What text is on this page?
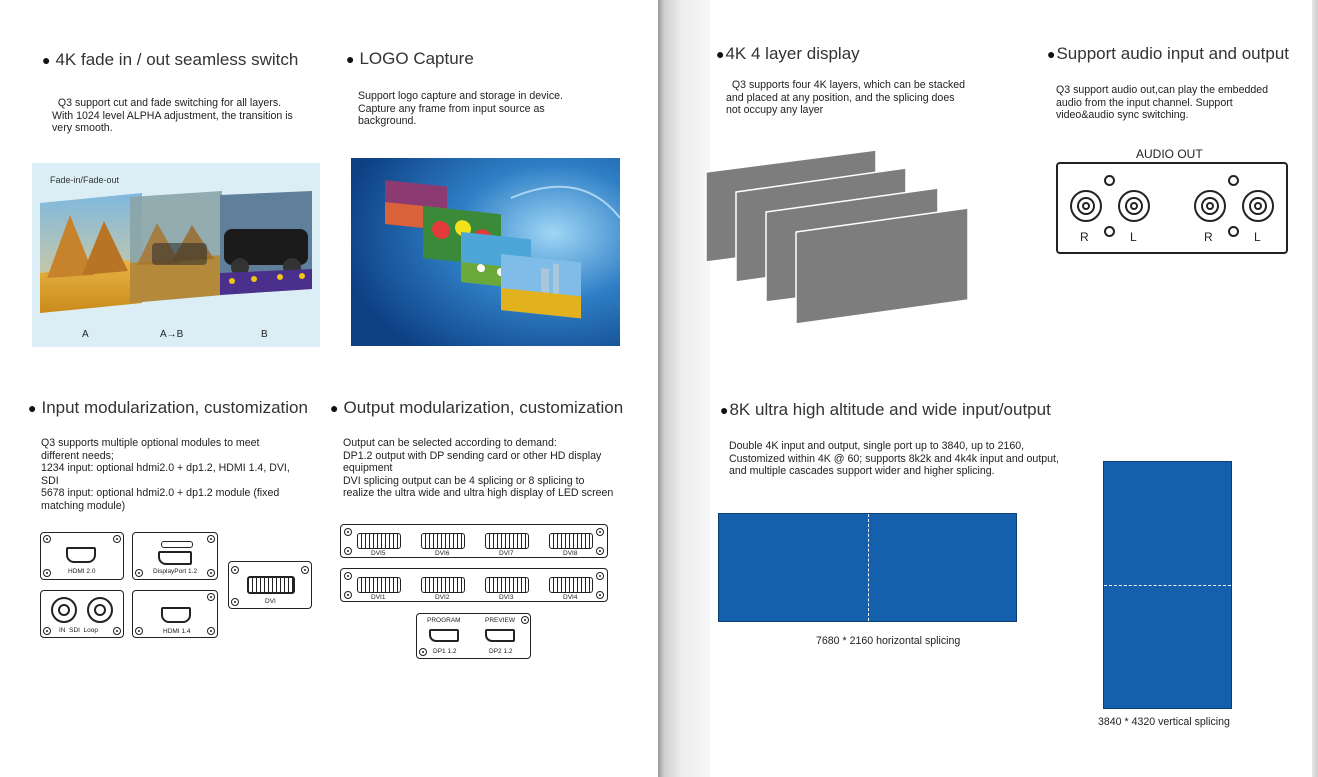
● 4K fade in / out seamless switch
Q3 support cut and fade switching for all layers.
With 1024 level ALPHA adjustment, the transition is
very smooth.
Fade-in/Fade-out
A	A→B	B
● LOGO Capture
Support logo capture and storage in device.
Capture any frame from input source as
background.
● Input modularization, customization
Q3 supports multiple optional modules to meet
different needs;
1234 input: optional hdmi2.0 + dp1.2, HDMI 1.4, DVI,
SDI
5678 input: optional hdmi2.0 + dp1.2 module (fixed
matching module)
HDMI 2.0	DisplayPort 1.2
DVI
IN  SDI  Loop	HDMI 1.4
● Output modularization, customization
Output can be selected according to demand:
DP1.2 output with DP sending card or other HD display
equipment
DVI splicing output can be 4 splicing or 8 splicing to
realize the ultra wide and ultra high display of LED screen
DVI5	DVI6	DVI7	DVI8
DVI1	DVI2	DVI3	DVI4
PROGRAM	PREVIEW
DP1 1.2	DP2 1.2
●4K 4 layer display
Q3 supports four 4K layers, which can be stacked
and placed at any position, and the splicing does
not occupy any layer
●Support audio input and output
Q3 support audio out,can play the embedded
audio from the input channel. Support
video&audio sync switching.
AUDIO OUT
R	L	R	L
●8K ultra high altitude and wide input/output
Double 4K input and output, single port up to 3840, up to 2160,
Customized within 4K @ 60; supports 8k2k and 4k4k input and output,
and multiple cascades support wider and higher splicing.
7680 * 2160 horizontal splicing
3840 * 4320 vertical splicing
